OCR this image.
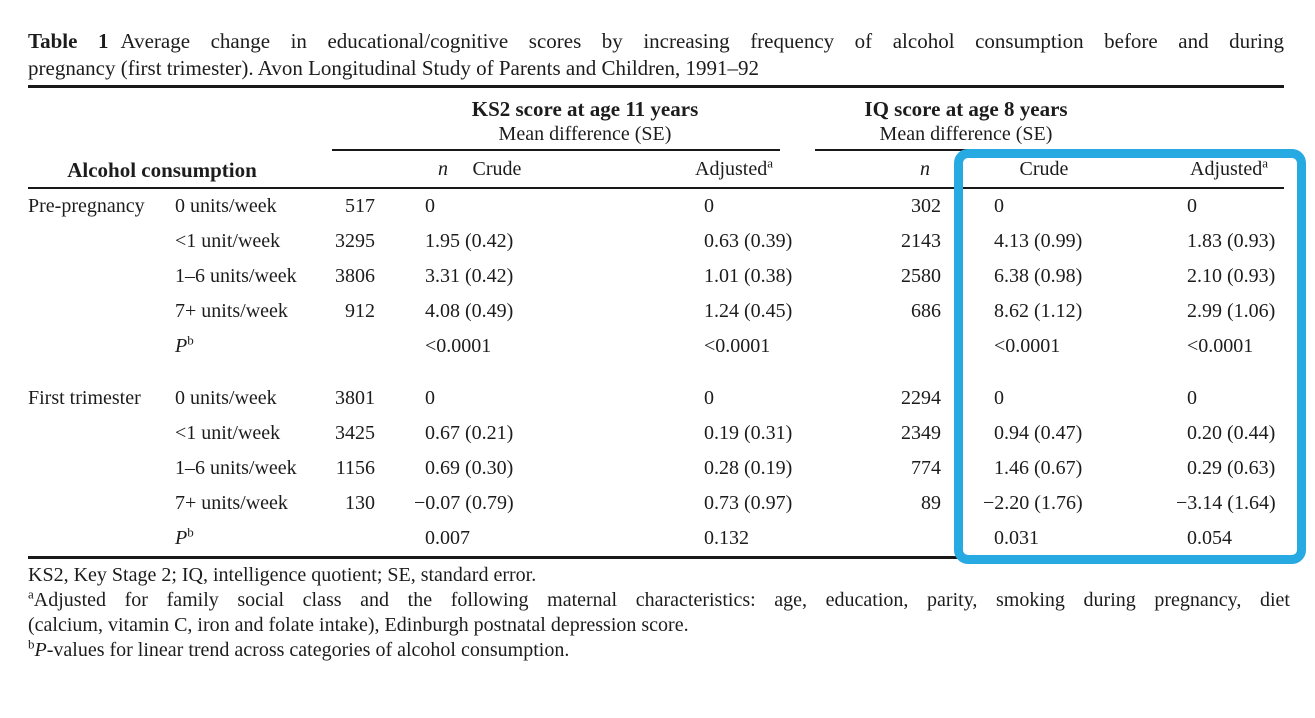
Table 1 Average change in educational/cognitive scores by increasing frequency of alcohol consumption before and during
pregnancy (first trimester). Avon Longitudinal Study of Parents and Children, 1991–92
KS2 score at age 11 years
Mean difference (SE)
IQ score at age 8 years
Mean difference (SE)
Alcohol consumption	n Crude	Adjusted$^a$	n	Crude	Adjusted$^a$
Pre-pregnancy	0 units/week	517	0	0	302	0	0
	<1 unit/week	3295	1.95 (0.42)	0.63 (0.39)	2143	4.13 (0.99)	1.83 (0.93)
	1–6 units/week	3806	3.31 (0.42)	1.01 (0.38)	2580	6.38 (0.98)	2.10 (0.93)
	7+ units/week	912	4.08 (0.49)	1.24 (0.45)	686	8.62 (1.12)	2.99 (1.06)
	$P^b$		<0.0001	<0.0001		<0.0001	<0.0001

First trimester	0 units/week	3801	0	0	2294	0	0
	<1 unit/week	3425	0.67 (0.21)	0.19 (0.31)	2349	0.94 (0.47)	0.20 (0.44)
	1–6 units/week	1156	0.69 (0.30)	0.28 (0.19)	774	1.46 (0.67)	0.29 (0.63)
	7+ units/week	130	−0.07 (0.79)	0.73 (0.97)	89	−2.20 (1.76)	−3.14 (1.64)
	$P^b$		0.007	0.132		0.031	0.054
KS2, Key Stage 2; IQ, intelligence quotient; SE, standard error.
$^a$Adjusted for family social class and the following maternal characteristics: age, education, parity, smoking during pregnancy, diet
(calcium, vitamin C, iron and folate intake), Edinburgh postnatal depression score.
$^b$P-values for linear trend across categories of alcohol consumption.
